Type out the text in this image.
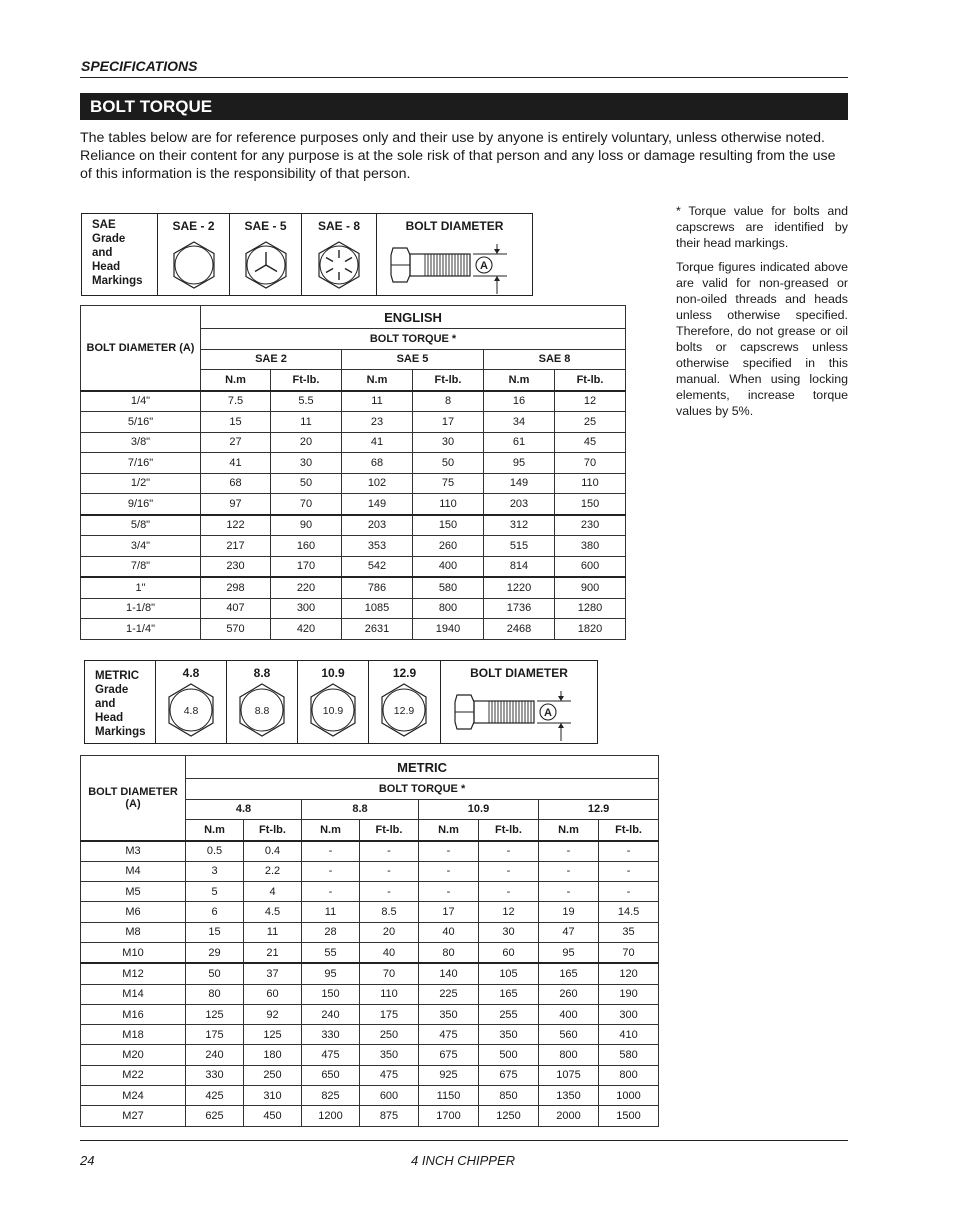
SPECIFICATIONS
BOLT TORQUE
The tables below are for reference purposes only and their use by anyone is entirely voluntary, unless otherwise noted. Reliance on their content for any purpose is at the sole risk of that person and any loss or damage resulting from the use of this information is the responsibility of that person.
* Torque value for bolts and capscrews are identified by their head markings.
Torque figures indicated above are valid for non-greased or non-oiled threads and heads unless otherwise specified. Therefore, do not grease or oil bolts or capscrews unless otherwise specified in this manual. When using locking elements, increase torque values by 5%.
SAE
Grade
and
Head
Markings
SAE - 2	SAE - 5	SAE - 8	BOLT DIAMETER
A
BOLT DIAMETER (A)	ENGLISH					
	BOLT TORQUE *					
	SAE 2		SAE 5		SAE 8	
	N.m	Ft-lb.	N.m	Ft-lb.	N.m	Ft-lb.
1/4"	7.5	5.5	11	8	16	12
5/16"	15	11	23	17	34	25
3/8"	27	20	41	30	61	45
7/16"	41	30	68	50	95	70
1/2"	68	50	102	75	149	110
9/16"	97	70	149	110	203	150
5/8"	122	90	203	150	312	230
3/4"	217	160	353	260	515	380
7/8"	230	170	542	400	814	600
1"	298	220	786	580	1220	900
1-1/8"	407	300	1085	800	1736	1280
1-1/4"	570	420	2631	1940	2468	1820
METRIC
Grade
and
Head
Markings
4.8
4.8
8.8
8.8
10.9
10.9
12.9
12.9
BOLT DIAMETER
A
BOLT DIAMETER (A)	METRIC							
	BOLT TORQUE *							
	4.8		8.8		10.9		12.9	
	N.m	Ft-lb.	N.m	Ft-lb.	N.m	Ft-lb.	N.m	Ft-lb.
M3	0.5	0.4	-	-	-	-	-	-
M4	3	2.2	-	-	-	-	-	-
M5	5	4	-	-	-	-	-	-
M6	6	4.5	11	8.5	17	12	19	14.5
M8	15	11	28	20	40	30	47	35
M10	29	21	55	40	80	60	95	70
M12	50	37	95	70	140	105	165	120
M14	80	60	150	110	225	165	260	190
M16	125	92	240	175	350	255	400	300
M18	175	125	330	250	475	350	560	410
M20	240	180	475	350	675	500	800	580
M22	330	250	650	475	925	675	1075	800
M24	425	310	825	600	1150	850	1350	1000
M27	625	450	1200	875	1700	1250	2000	1500
24	4 INCH CHIPPER
